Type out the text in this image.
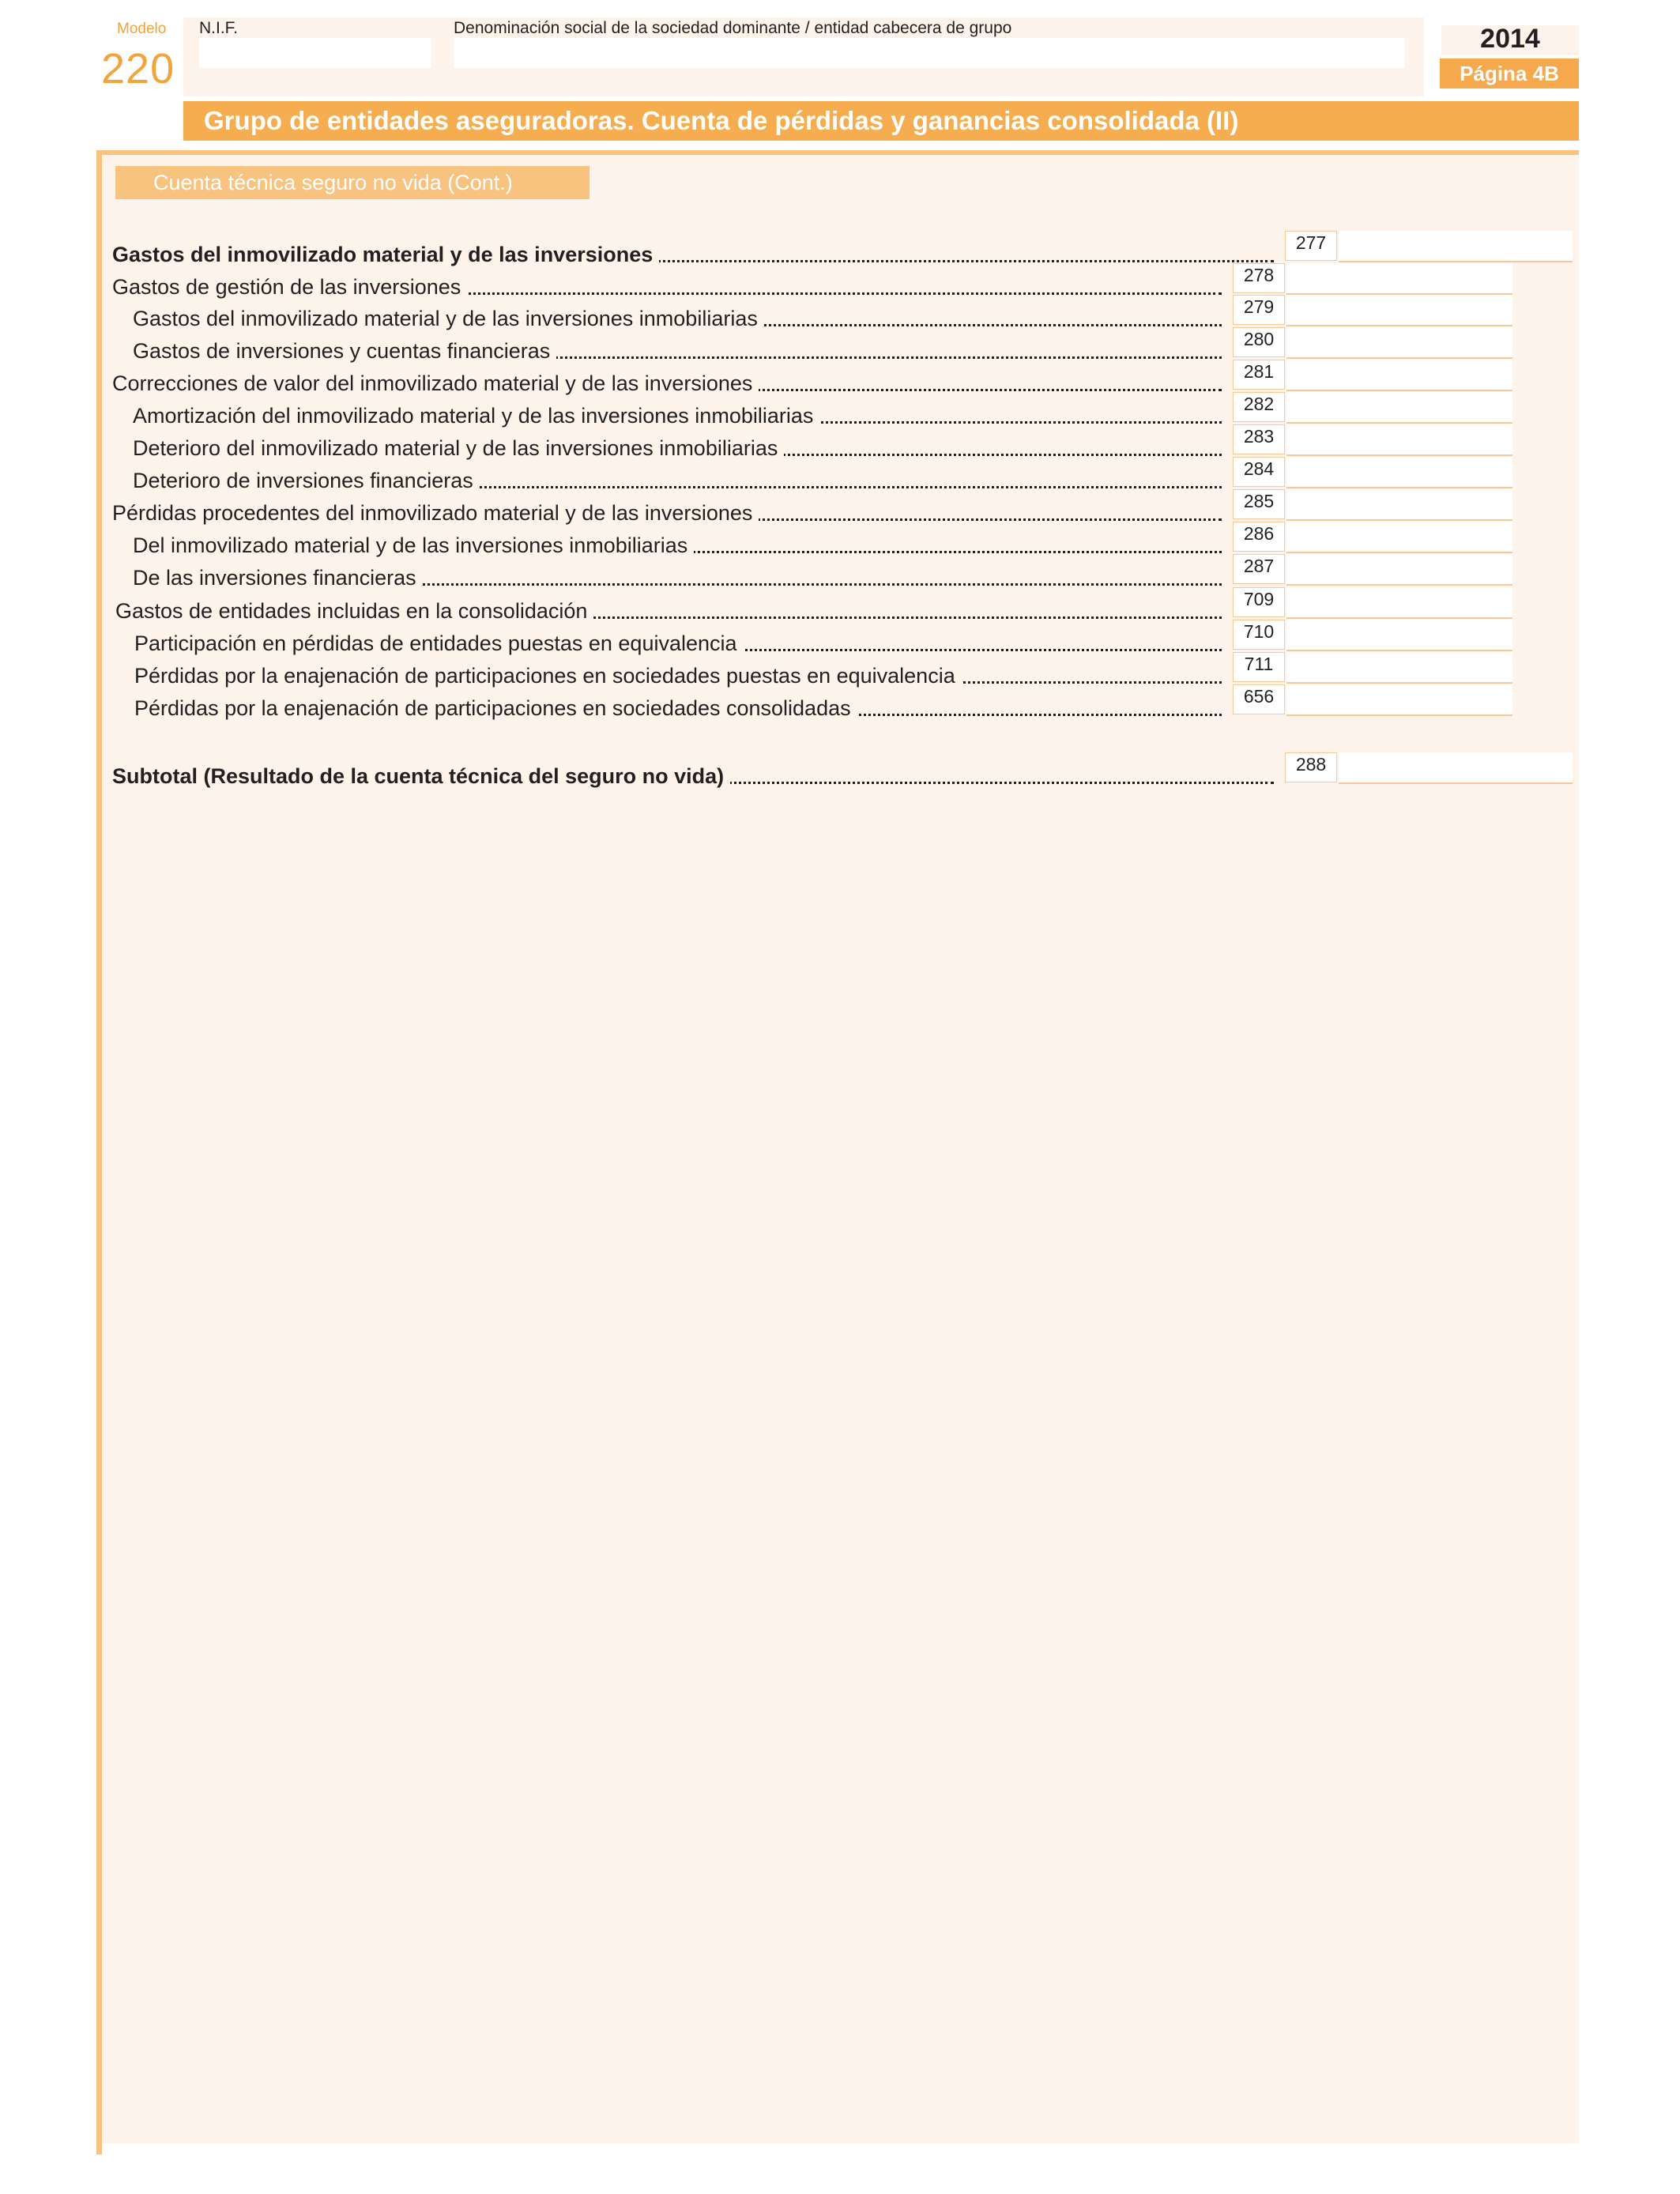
Modelo
220
N.I.F.	Denominación social de la sociedad dominante / entidad cabecera de grupo	2014
Página 4B
Grupo de entidades aseguradoras. Cuenta de pérdidas y ganancias consolidada (II)
Cuenta técnica seguro no vida (Cont.)
Gastos del inmovilizado material y de las inversiones	277
Gastos de gestión de las inversiones	278
Gastos del inmovilizado material y de las inversiones inmobiliarias	279
Gastos de inversiones y cuentas financieras	280
Correcciones de valor del inmovilizado material y de las inversiones	281
Amortización del inmovilizado material y de las inversiones inmobiliarias	282
Deterioro del inmovilizado material y de las inversiones inmobiliarias	283
Deterioro de inversiones financieras	284
Pérdidas procedentes del inmovilizado material y de las inversiones	285
Del inmovilizado material y de las inversiones inmobiliarias	286
De las inversiones financieras	287
Gastos de entidades incluidas en la consolidación	709
Participación en pérdidas de entidades puestas en equivalencia	710
Pérdidas por la enajenación de participaciones en sociedades puestas en equivalencia	711
Pérdidas por la enajenación de participaciones en sociedades consolidadas	656
Subtotal (Resultado de la cuenta técnica del seguro no vida)	288
